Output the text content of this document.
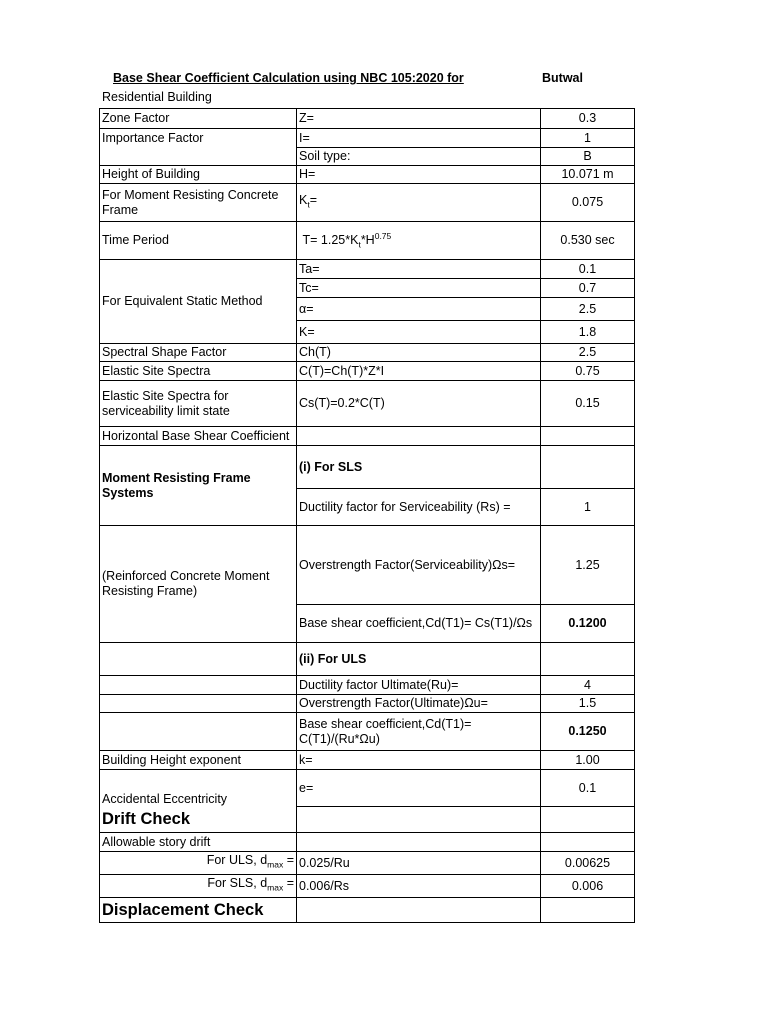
Base Shear Coefficient Calculation using NBC 105:2020 for	Butwal
Residential Building
Zone Factor	Z=	0.3
Importance Factor	I=	1
	Soil type:	B
Height of Building	H=	10.071 m
For Moment Resisting Concrete Frame	$K_t=$	0.075
Time Period	$T= 1.25*K_t*H^{0.75}$	0.530 sec
For Equivalent Static Method	Ta=	0.1
	Tc=	0.7
	α=	2.5
	K=	1.8
Spectral Shape Factor	Ch(T)	2.5
Elastic Site Spectra	C(T)=Ch(T)*Z*I	0.75
Elastic Site Spectra for serviceability limit state	Cs(T)=0.2*C(T)	0.15
Horizontal Base Shear Coefficient		
Moment Resisting Frame Systems	(i) For SLS	
	Ductility factor for Serviceability (Rs) =	1
(Reinforced Concrete Moment Resisting Frame)	Overstrength Factor(Serviceability)Ωs=	1.25
	Base shear coefficient,Cd(T1)= Cs(T1)/Ωs	0.1200
	(ii) For ULS	
	Ductility factor Ultimate(Ru)=	4
	Overstrength Factor(Ultimate)Ωu=	1.5
	Base shear coefficient,Cd(T1)= C(T1)/(Ru*Ωu)	0.1250
Building Height exponent	k=	1.00
Accidental Eccentricity	e=	0.1
Drift Check		
Allowable story drift		
For ULS, $d_{max}$ =	0.025/Ru	0.00625
For SLS, $d_{max}$ =	0.006/Rs	0.006
Displacement Check		
